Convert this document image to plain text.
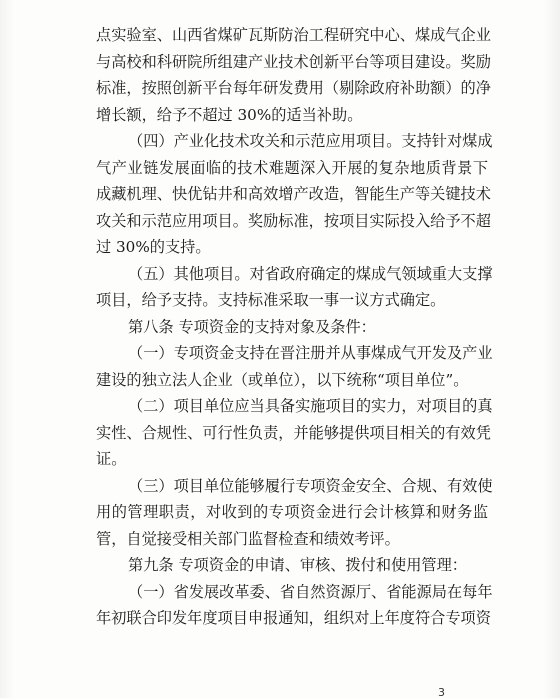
点实验室、山西省煤矿瓦斯防治工程研究中心、煤成气企业
与高校和科研院所组建产业技术创新平台等项目建设。奖励
标准，按照创新平台每年研发费用（剔除政府补助额）的净
增长额，给予不超过 30%的适当补助。
（四）产业化技术攻关和示范应用项目。支持针对煤成
气产业链发展面临的技术难题深入开展的复杂地质背景下
成藏机理、快优钻井和高效增产改造，智能生产等关键技术
攻关和示范应用项目。奖励标准，按项目实际投入给予不超
过 30%的支持。
（五）其他项目。对省政府确定的煤成气领域重大支撑
项目，给予支持。支持标准采取一事一议方式确定。
第八条 专项资金的支持对象及条件：
（一）专项资金支持在晋注册并从事煤成气开发及产业
建设的独立法人企业（或单位），以下统称“项目单位”。
（二）项目单位应当具备实施项目的实力，对项目的真
实性、合规性、可行性负责，并能够提供项目相关的有效凭
证。
（三）项目单位能够履行专项资金安全、合规、有效使
用的管理职责，对收到的专项资金进行会计核算和财务监
管，自觉接受相关部门监督检查和绩效考评。
第九条 专项资金的申请、审核、拨付和使用管理：
（一）省发展改革委、省自然资源厅、省能源局在每年
年初联合印发年度项目申报通知，组织对上年度符合专项资
3
